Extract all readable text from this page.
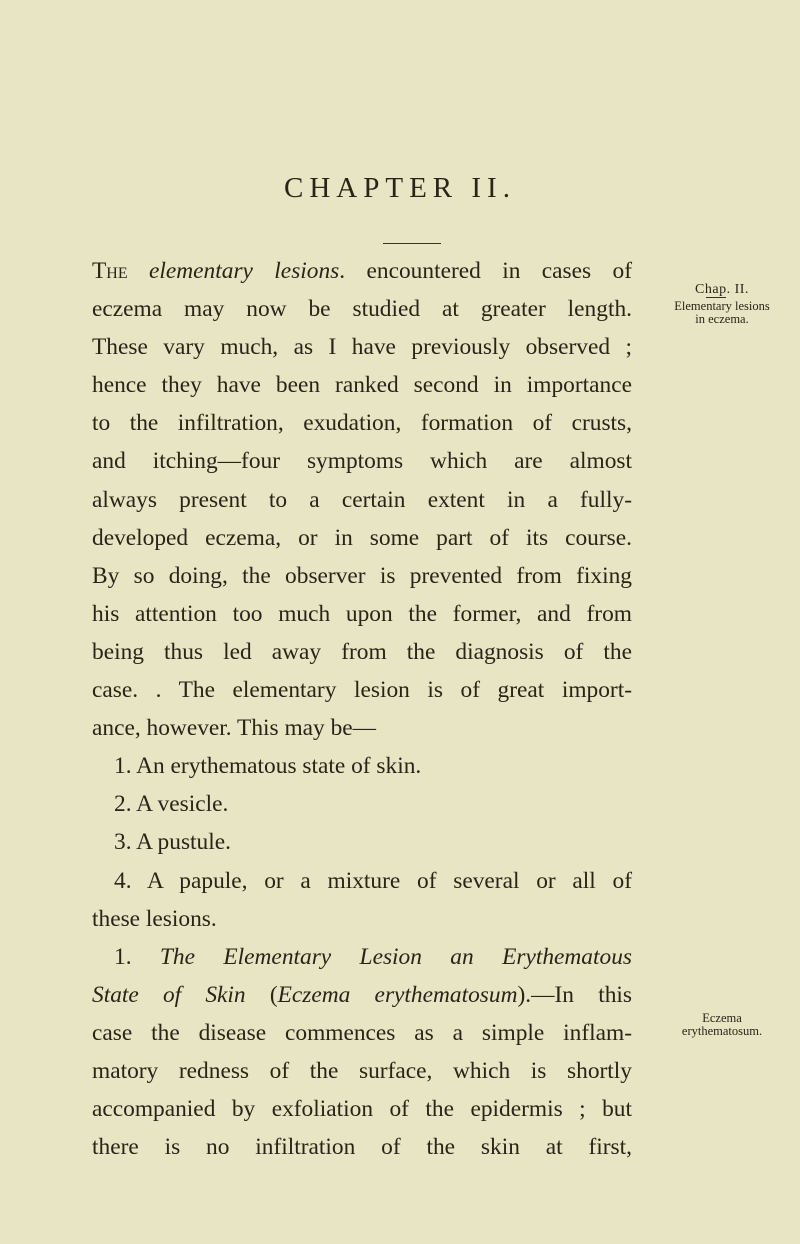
CHAPTER II.
Chap. II.
Elementary lesions
in eczema.
Eczema
erythematosum.
The elementary lesions. encountered in cases of
eczema may now be studied at greater length.
These vary much, as I have previously observed ;
hence they have been ranked second in importance
to the infiltration, exudation, formation of crusts,
and itching—four symptoms which are almost
always present to a certain extent in a fully-
developed eczema, or in some part of its course.
By so doing, the observer is prevented from fixing
his attention too much upon the former, and from
being thus led away from the diagnosis of the
case. . The elementary lesion is of great import-
ance, however. This may be—
1. An erythematous state of skin.
2. A vesicle.
3. A pustule.
4. A papule, or a mixture of several or all of
these lesions.
1. The Elementary Lesion an Erythematous
State of Skin (Eczema erythematosum).—In this
case the disease commences as a simple inflam-
matory redness of the surface, which is shortly
accompanied by exfoliation of the epidermis ; but
there is no infiltration of the skin at first,
